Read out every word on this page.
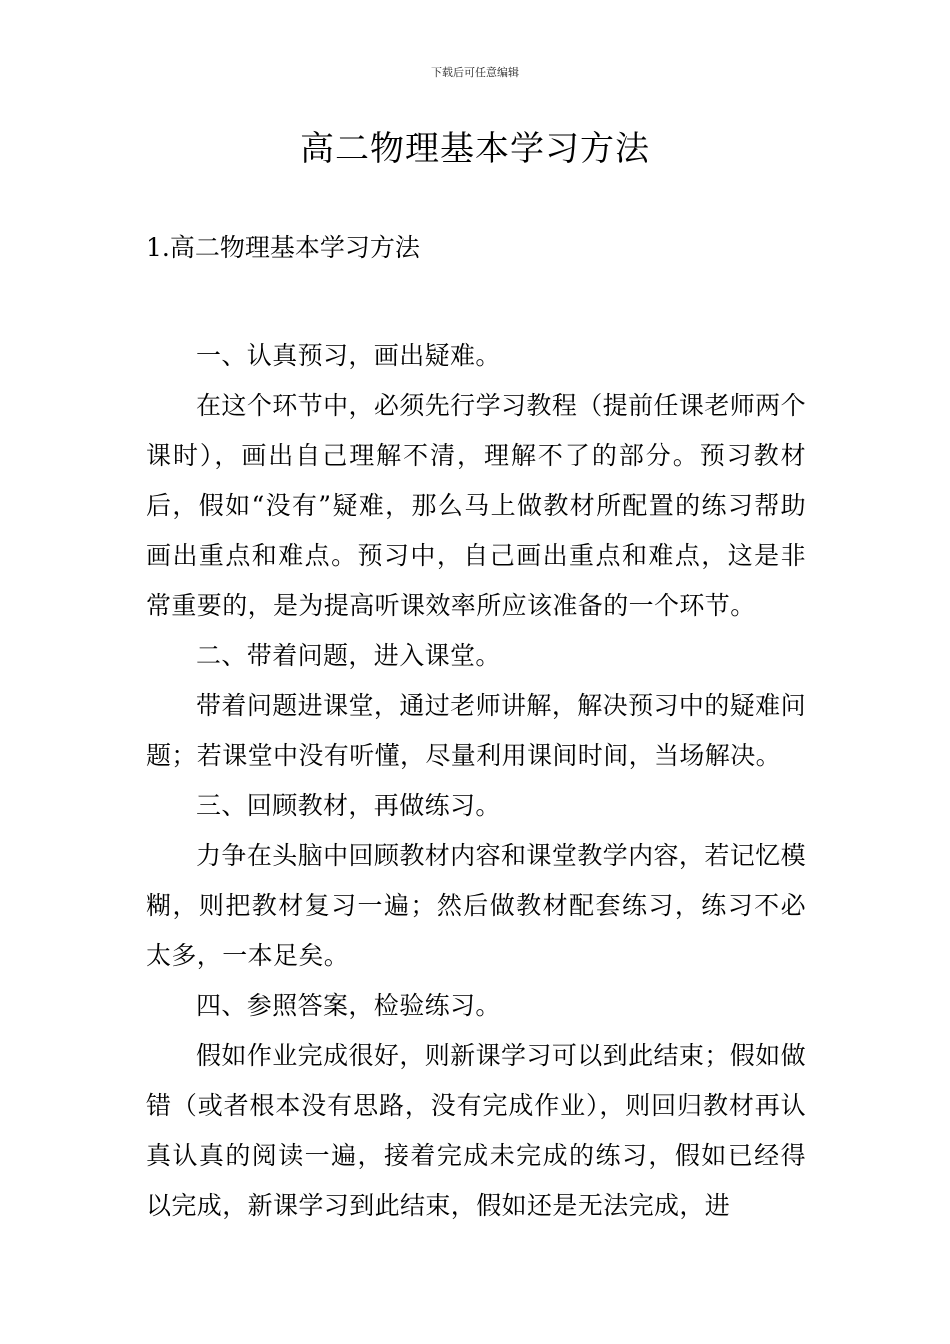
下载后可任意编辑
高二物理基本学习方法
1.高二物理基本学习方法

一、认真预习，画出疑难。

在这个环节中，必须先行学习教程（提前任课老师两个课时），画出自己理解不清，理解不了的部分。预习教材后，假如“没有”疑难，那么马上做教材所配置的练习帮助画出重点和难点。预习中，自己画出重点和难点，这是非常重要的，是为提高听课效率所应该准备的一个环节。

二、带着问题，进入课堂。

带着问题进课堂，通过老师讲解，解决预习中的疑难问题；若课堂中没有听懂，尽量利用课间时间，当场解决。

三、回顾教材，再做练习。

力争在头脑中回顾教材内容和课堂教学内容，若记忆模糊，则把教材复习一遍；然后做教材配套练习，练习不必太多，一本足矣。

四、参照答案，检验练习。

假如作业完成很好，则新课学习可以到此结束；假如做错（或者根本没有思路，没有完成作业），则回归教材再认真认真的阅读一遍，接着完成未完成的练习，假如已经得以完成，新课学习到此结束，假如还是无法完成，进
